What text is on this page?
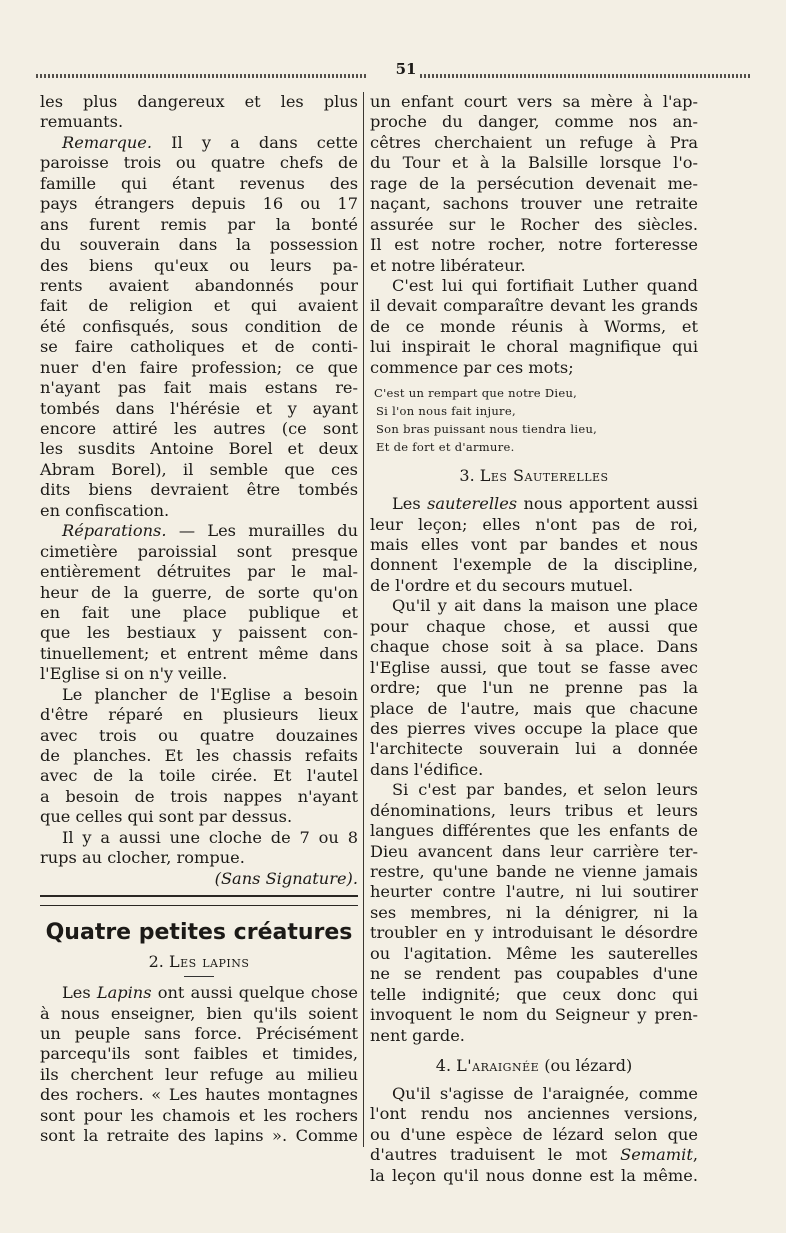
51
les plus dangereux et les plus
remuants.
Remarque. Il y a dans cette
paroisse trois ou quatre chefs de
famille qui étant revenus des
pays étrangers depuis 16 ou 17
ans furent remis par la bonté
du souverain dans la possession
des biens qu'eux ou leurs pa-
rents avaient abandonnés pour
fait de religion et qui avaient
été confisqués, sous condition de
se faire catholiques et de conti-
nuer d'en faire profession; ce que
n'ayant pas fait mais estans re-
tombés dans l'hérésie et y ayant
encore attiré les autres (ce sont
les susdits Antoine Borel et deux
Abram Borel), il semble que ces
dits biens devraient être tombés
en confiscation.
Réparations. — Les murailles du
cimetière paroissial sont presque
entièrement détruites par le mal-
heur de la guerre, de sorte qu'on
en fait une place publique et
que les bestiaux y paissent con-
tinuellement; et entrent même dans
l'Eglise si on n'y veille.
Le plancher de l'Eglise a besoin
d'être réparé en plusieurs lieux
avec trois ou quatre douzaines
de planches. Et les chassis refaits
avec de la toile cirée. Et l'autel
a besoin de trois nappes n'ayant
que celles qui sont par dessus.
Il y a aussi une cloche de 7 ou 8
rups au clocher, rompue.
(Sans Signature).
Quatre petites créatures
2. Les lapins
Les Lapins ont aussi quelque chose
à nous enseigner, bien qu'ils soient
un peuple sans force. Précisément
parcequ'ils sont faibles et timides,
ils cherchent leur refuge au milieu
des rochers. « Les hautes montagnes
sont pour les chamois et les rochers
sont la retraite des lapins ». Comme
un enfant court vers sa mère à l'ap-
proche du danger, comme nos an-
cêtres cherchaient un refuge à Pra
du Tour et à la Balsille lorsque l'o-
rage de la persécution devenait me-
naçant, sachons trouver une retraite
assurée sur le Rocher des siècles.
Il est notre rocher, notre forteresse
et notre libérateur.
C'est lui qui fortifiait Luther quand
il devait comparaître devant les grands
de ce monde réunis à Worms, et
lui inspirait le choral magnifique qui
commence par ces mots;
C'est un rempart que notre Dieu,
Si l'on nous fait injure,
Son bras puissant nous tiendra lieu,
Et de fort et d'armure.
3. Les Sauterelles
Les sauterelles nous apportent aussi
leur leçon; elles n'ont pas de roi,
mais elles vont par bandes et nous
donnent l'exemple de la discipline,
de l'ordre et du secours mutuel.
Qu'il y ait dans la maison une place
pour chaque chose, et aussi que
chaque chose soit à sa place. Dans
l'Eglise aussi, que tout se fasse avec
ordre; que l'un ne prenne pas la
place de l'autre, mais que chacune
des pierres vives occupe la place que
l'architecte souverain lui a donnée
dans l'édifice.
Si c'est par bandes, et selon leurs
dénominations, leurs tribus et leurs
langues différentes que les enfants de
Dieu avancent dans leur carrière ter-
restre, qu'une bande ne vienne jamais
heurter contre l'autre, ni lui soutirer
ses membres, ni la dénigrer, ni la
troubler en y introduisant le désordre
ou l'agitation. Même les sauterelles
ne se rendent pas coupables d'une
telle indignité; que ceux donc qui
invoquent le nom du Seigneur y pren-
nent garde.
4. L'araignée (ou lézard)
Qu'il s'agisse de l'araignée, comme
l'ont rendu nos anciennes versions,
ou d'une espèce de lézard selon que
d'autres traduisent le mot Semamit,
la leçon qu'il nous donne est la même.
